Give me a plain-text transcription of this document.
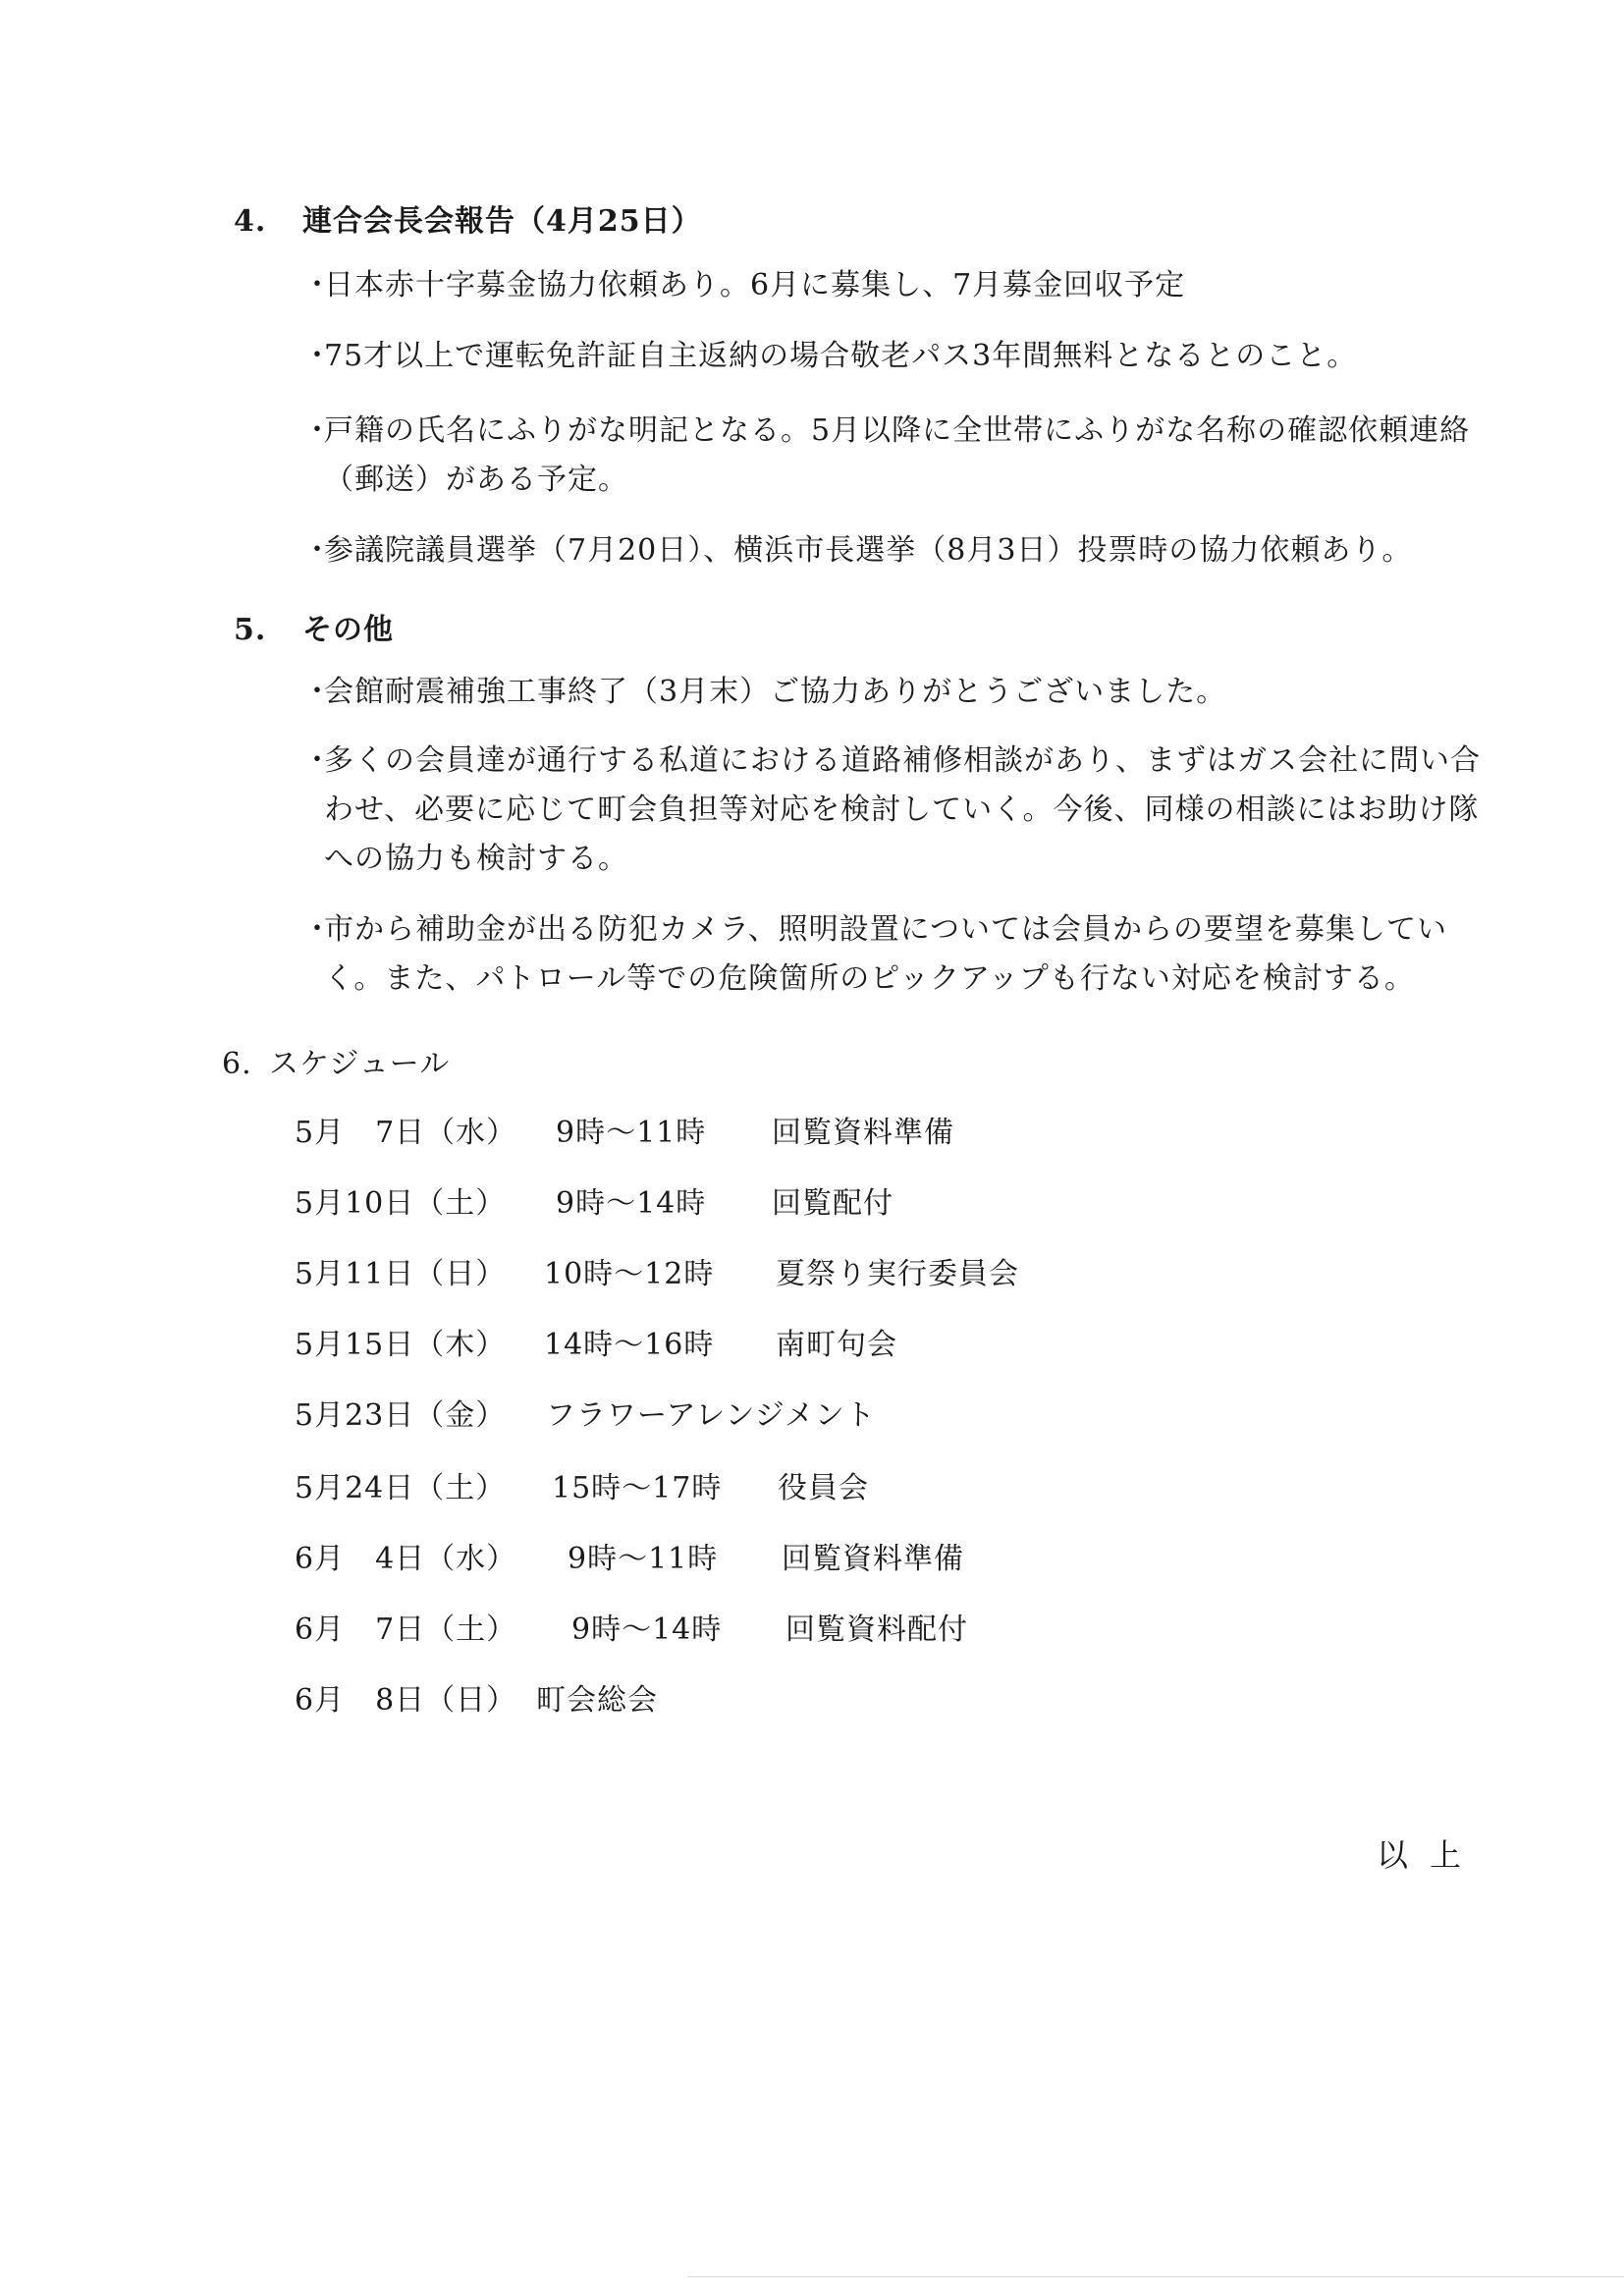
4. 連合会長会報告（4月25日）
・
日本赤十字募金協力依頼あり。6月に募集し、7月募金回収予定
・
75才以上で運転免許証自主返納の場合敬老パス3年間無料となるとのこと。
・
戸籍の氏名にふりがな明記となる。5月以降に全世帯にふりがな名称の確認依頼連絡（郵送）がある予定。
・
参議院議員選挙（7月20日）、横浜市長選挙（8月3日）投票時の協力依頼あり。
5. その他
・
会館耐震補強工事終了（3月末）ご協力ありがとうございました。
・
多くの会員達が通行する私道における道路補修相談があり、まずはガス会社に問い合わせ、必要に応じて町会負担等対応を検討していく。今後、同様の相談にはお助け隊への協力も検討する。
・
市から補助金が出る防犯カメラ、照明設置については会員からの要望を募集していく。また、パトロール等での危険箇所のピックアップも行ない対応を検討する。
6. スケジュール
5月　7日（水） 9時～11時 回覧資料準備
5月10日（土） 9時～14時 回覧配付
5月11日（日） 10時～12時 夏祭り実行委員会
5月15日（木） 14時～16時 南町句会
5月23日（金） フラワーアレンジメント
5月24日（土） 15時～17時 役員会
6月　4日（水） 9時～11時 回覧資料準備
6月　7日（土） 9時～14時 回覧資料配付
6月　8日（日） 町会総会
以上
